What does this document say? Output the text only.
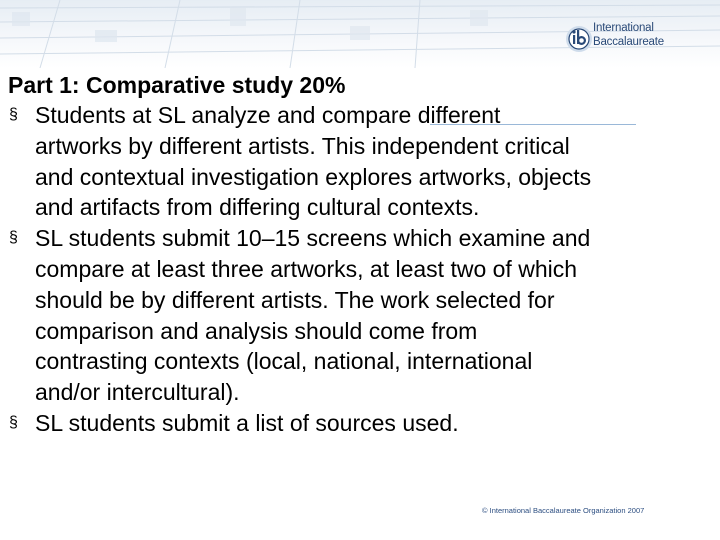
International
Baccalaureate
Part 1: Comparative study 20%
§ Students at SL analyze and compare different
artworks by different artists. This independent critical
and contextual investigation explores artworks, objects
and artifacts from differing cultural contexts.
§ SL students submit 10–15 screens which examine and
compare at least three artworks, at least two of which
should be by different artists. The work selected for
comparison and analysis should come from
contrasting contexts (local, national, international
and/or intercultural).
§ SL students submit a list of sources used.
© International Baccalaureate Organization 2007
